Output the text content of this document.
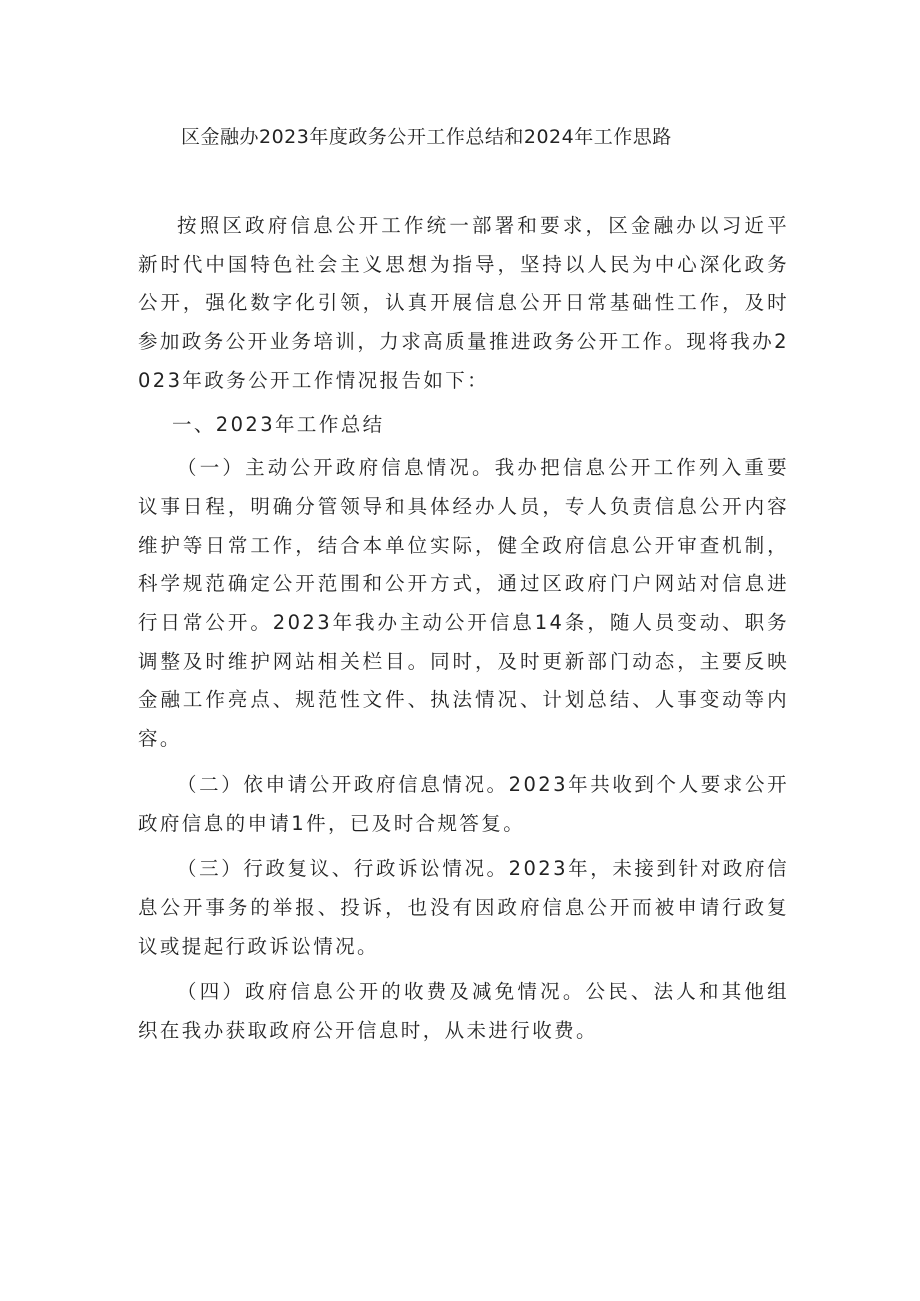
区金融办2023年度政务公开工作总结和2024年工作思路

按照区政府信息公开工作统一部署和要求，区金融办以习近平新时代中国特色社会主义思想为指导，坚持以人民为中心深化政务公开，强化数字化引领，认真开展信息公开日常基础性工作，及时参加政务公开业务培训，力求高质量推进政务公开工作。现将我办2023年政务公开工作情况报告如下：

一、2023年工作总结

（一）主动公开政府信息情况。我办把信息公开工作列入重要议事日程，明确分管领导和具体经办人员，专人负责信息公开内容维护等日常工作，结合本单位实际，健全政府信息公开审查机制，科学规范确定公开范围和公开方式，通过区政府门户网站对信息进行日常公开。2023年我办主动公开信息14条，随人员变动、职务调整及时维护网站相关栏目。同时，及时更新部门动态，主要反映金融工作亮点、规范性文件、执法情况、计划总结、人事变动等内容。

（二）依申请公开政府信息情况。2023年共收到个人要求公开政府信息的申请1件，已及时合规答复。

（三）行政复议、行政诉讼情况。2023年，未接到针对政府信息公开事务的举报、投诉，也没有因政府信息公开而被申请行政复议或提起行政诉讼情况。

（四）政府信息公开的收费及减免情况。公民、法人和其他组织在我办获取政府公开信息时，从未进行收费。
